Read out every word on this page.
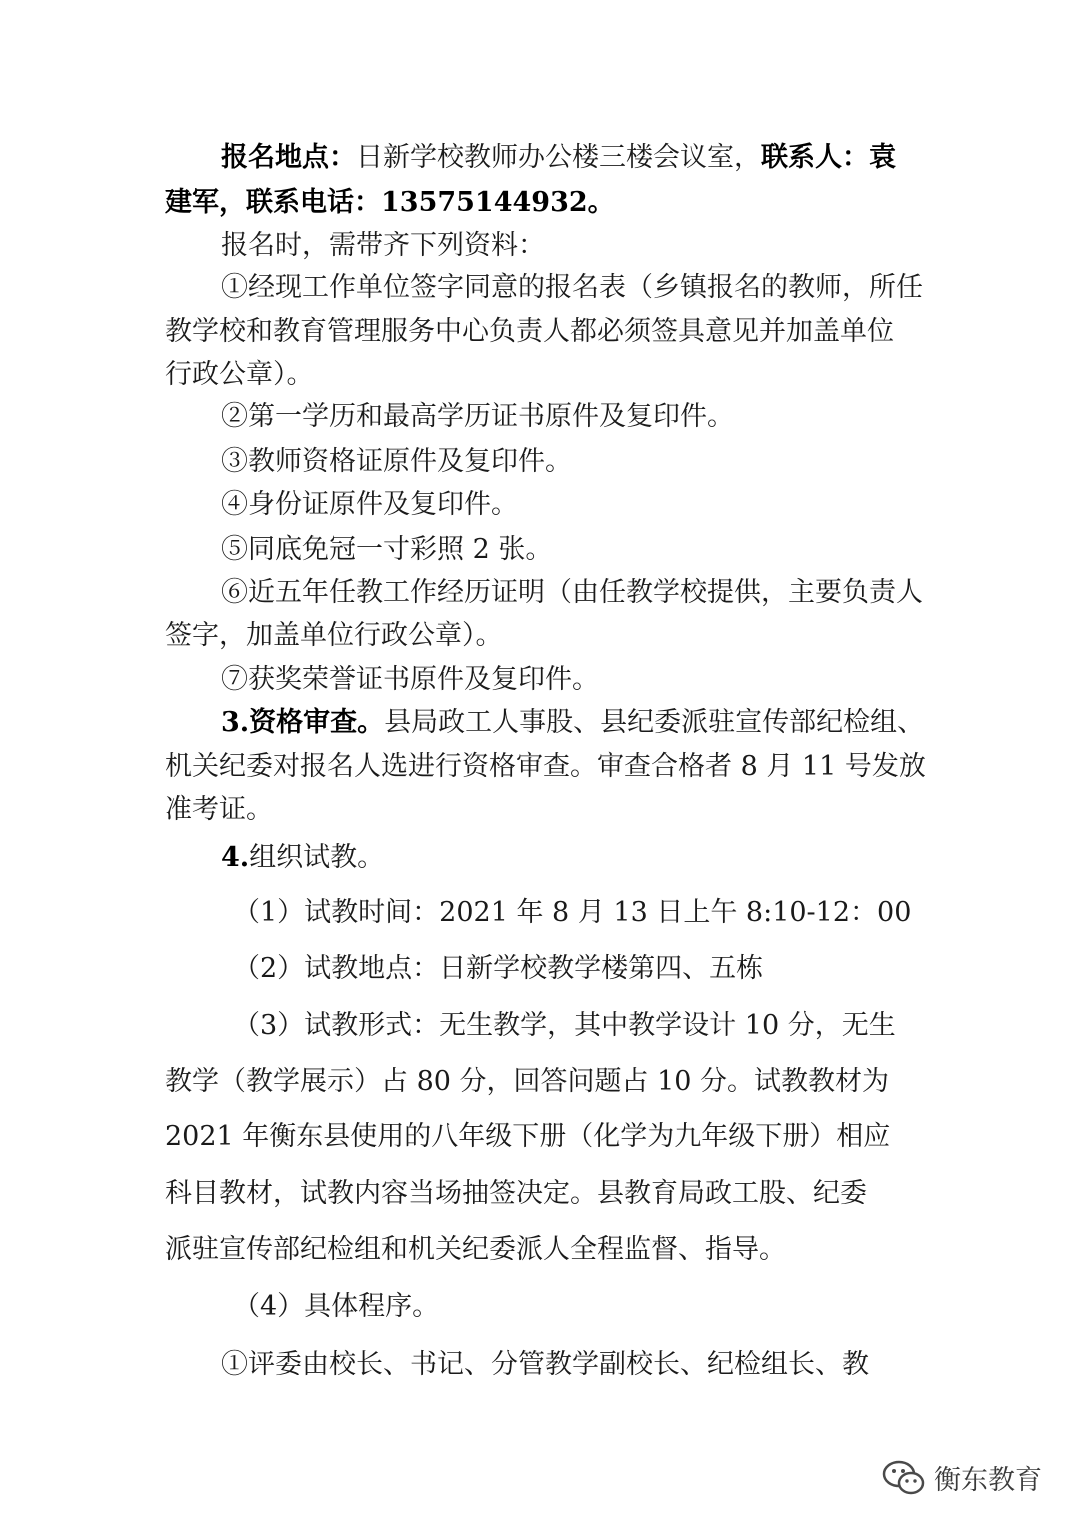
报名地点：日新学校教师办公楼三楼会议室，联系人：袁
建军，联系电话：13575144932。
报名时，需带齐下列资料：
①经现工作单位签字同意的报名表（乡镇报名的教师，所任
教学校和教育管理服务中心负责人都必须签具意见并加盖单位
行政公章）。
②第一学历和最高学历证书原件及复印件。
③教师资格证原件及复印件。
④身份证原件及复印件。
⑤同底免冠一寸彩照 2 张。
⑥近五年任教工作经历证明（由任教学校提供，主要负责人
签字，加盖单位行政公章）。
⑦获奖荣誉证书原件及复印件。
3.资格审查。县局政工人事股、县纪委派驻宣传部纪检组、
机关纪委对报名人选进行资格审查。审查合格者 8 月 11 号发放
准考证。
4.组织试教。
（1）试教时间：2021 年 8 月 13 日上午 8:10-12：00
（2）试教地点：日新学校教学楼第四、五栋
（3）试教形式：无生教学，其中教学设计 10 分，无生
教学（教学展示）占 80 分，回答问题占 10 分。试教教材为
2021 年衡东县使用的八年级下册（化学为九年级下册）相应
科目教材，试教内容当场抽签决定。县教育局政工股、纪委
派驻宣传部纪检组和机关纪委派人全程监督、指导。
（4）具体程序。
①评委由校长、书记、分管教学副校长、纪检组长、教
衡东教育
